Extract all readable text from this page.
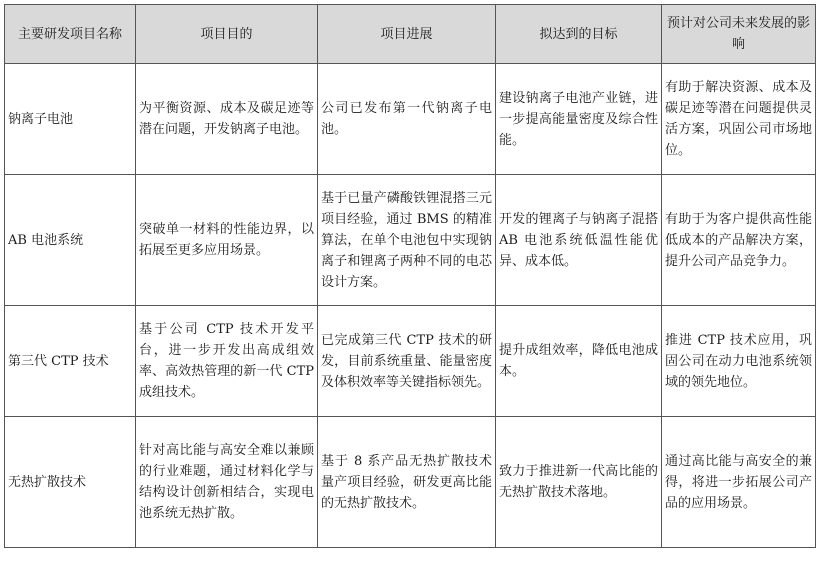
主要研发项目名称	项目目的	项目进展	拟达到的目标	预计对公司未来发展的影响
钠离子电池	为平衡资源、成本及碳足迹等潜在问题，开发钠离子电池。	公司已发布第一代钠离子电池。	建设钠离子电池产业链，进一步提高能量密度及综合性能。	有助于解决资源、成本及碳足迹等潜在问题提供灵活方案，巩固公司市场地位。
AB 电池系统	突破单一材料的性能边界，以拓展至更多应用场景。	基于已量产磷酸铁锂混搭三元项目经验，通过 BMS 的精准算法，在单个电池包中实现钠离子和锂离子两种不同的电芯设计方案。	开发的锂离子与钠离子混搭 AB 电池系统低温性能优异、成本低。	有助于为客户提供高性能低成本的产品解决方案，提升公司产品竞争力。
第三代 CTP 技术	基于公司 CTP 技术开发平台，进一步开发出高成组效率、高效热管理的新一代 CTP 成组技术。	已完成第三代 CTP 技术的研发，目前系统重量、能量密度及体积效率等关键指标领先。	提升成组效率，降低电池成本。	推进 CTP 技术应用，巩固公司在动力电池系统领域的领先地位。
无热扩散技术	针对高比能与高安全难以兼顾的行业难题，通过材料化学与结构设计创新相结合，实现电池系统无热扩散。	基于 8 系产品无热扩散技术量产项目经验，研发更高比能的无热扩散技术。	致力于推进新一代高比能的无热扩散技术落地。	通过高比能与高安全的兼得，将进一步拓展公司产品的应用场景。
